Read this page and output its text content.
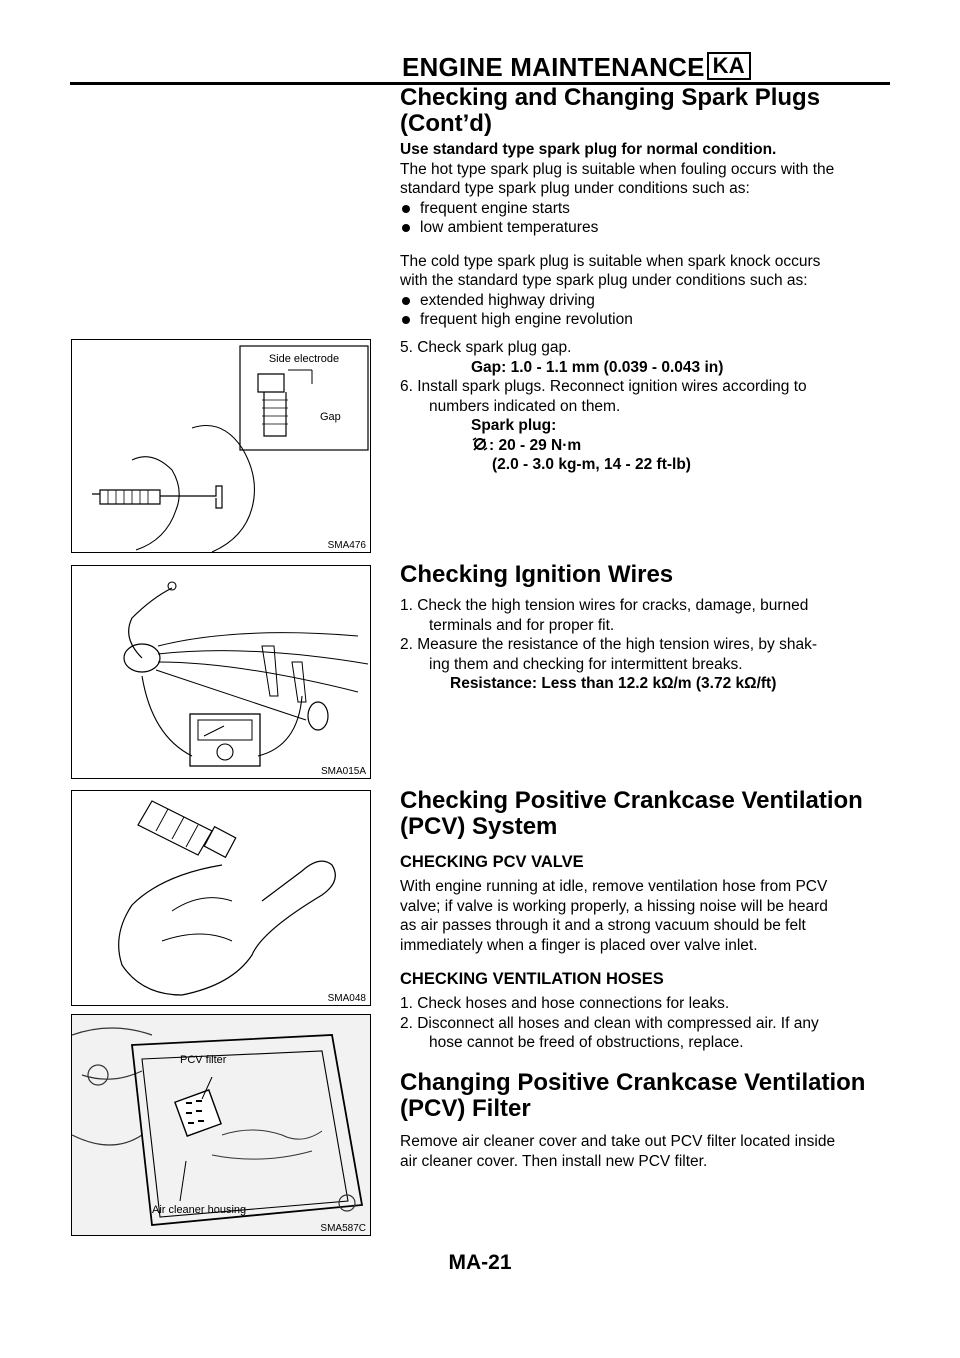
ENGINE MAINTENANCE KA
Checking and Changing Spark Plugs
(Cont’d)

Use standard type spark plug for normal condition.

The hot type spark plug is suitable when fouling occurs with the

standard type spark plug under conditions such as:

frequent engine starts

low ambient temperatures

The cold type spark plug is suitable when spark knock occurs

with the standard type spark plug under conditions such as:

extended highway driving

frequent high engine revolution

5. Check spark plug gap.

Gap: 1.0 - 1.1 mm (0.039 - 0.043 in)

6. Install spark plugs. Reconnect ignition wires according to

numbers indicated on them.

Spark plug:

: 20 - 29 N·m

(2.0 - 3.0 kg-m, 14 - 22 ft-lb)

Checking Ignition Wires

1. Check the high tension wires for cracks, damage, burned

terminals and for proper fit.

2. Measure the resistance of the high tension wires, by shak-

ing them and checking for intermittent breaks.

Resistance: Less than 12.2 kΩ/m (3.72 kΩ/ft)

Checking Positive Crankcase Ventilation
(PCV) System
CHECKING PCV VALVE

With engine running at idle, remove ventilation hose from PCV

valve; if valve is working properly, a hissing noise will be heard

as air passes through it and a strong vacuum should be felt

immediately when a finger is placed over valve inlet.

CHECKING VENTILATION HOSES

1. Check hoses and hose connections for leaks.

2. Disconnect all hoses and clean with compressed air. If any

hose cannot be freed of obstructions, replace.

Changing Positive Crankcase Ventilation
(PCV) Filter

Remove air cleaner cover and take out PCV filter located inside

air cleaner cover. Then install new PCV filter.

Side electrode
Gap
SMA476
SMA015A
SMA048
PCV filter
Air cleaner housing
SMA587C
MA-21
